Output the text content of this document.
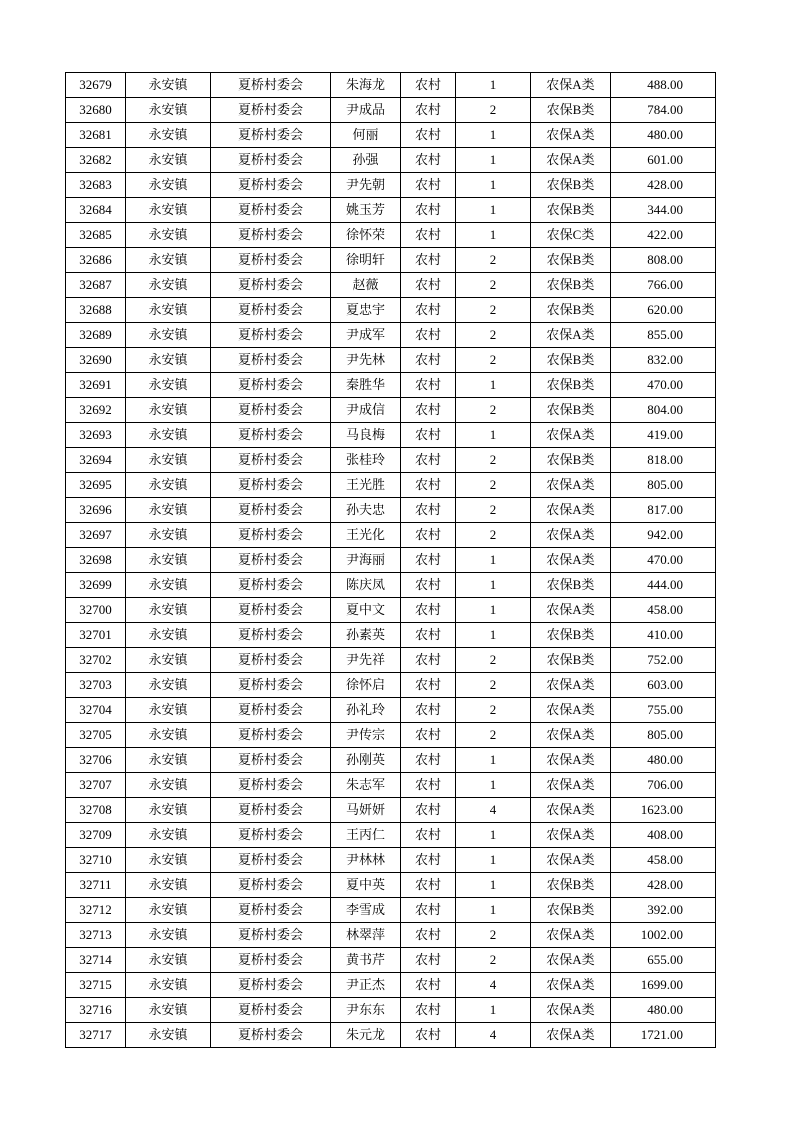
32679	永安镇	夏桥村委会	朱海龙	农村	1	农保A类	488.00
32680	永安镇	夏桥村委会	尹成品	农村	2	农保B类	784.00
32681	永安镇	夏桥村委会	何丽	农村	1	农保A类	480.00
32682	永安镇	夏桥村委会	孙强	农村	1	农保A类	601.00
32683	永安镇	夏桥村委会	尹先朝	农村	1	农保B类	428.00
32684	永安镇	夏桥村委会	姚玉芳	农村	1	农保B类	344.00
32685	永安镇	夏桥村委会	徐怀荣	农村	1	农保C类	422.00
32686	永安镇	夏桥村委会	徐明轩	农村	2	农保B类	808.00
32687	永安镇	夏桥村委会	赵薇	农村	2	农保B类	766.00
32688	永安镇	夏桥村委会	夏忠宇	农村	2	农保B类	620.00
32689	永安镇	夏桥村委会	尹成军	农村	2	农保A类	855.00
32690	永安镇	夏桥村委会	尹先林	农村	2	农保B类	832.00
32691	永安镇	夏桥村委会	秦胜华	农村	1	农保B类	470.00
32692	永安镇	夏桥村委会	尹成信	农村	2	农保B类	804.00
32693	永安镇	夏桥村委会	马良梅	农村	1	农保A类	419.00
32694	永安镇	夏桥村委会	张桂玲	农村	2	农保B类	818.00
32695	永安镇	夏桥村委会	王光胜	农村	2	农保A类	805.00
32696	永安镇	夏桥村委会	孙夫忠	农村	2	农保A类	817.00
32697	永安镇	夏桥村委会	王光化	农村	2	农保A类	942.00
32698	永安镇	夏桥村委会	尹海丽	农村	1	农保A类	470.00
32699	永安镇	夏桥村委会	陈庆凤	农村	1	农保B类	444.00
32700	永安镇	夏桥村委会	夏中文	农村	1	农保A类	458.00
32701	永安镇	夏桥村委会	孙素英	农村	1	农保B类	410.00
32702	永安镇	夏桥村委会	尹先祥	农村	2	农保B类	752.00
32703	永安镇	夏桥村委会	徐怀启	农村	2	农保A类	603.00
32704	永安镇	夏桥村委会	孙礼玲	农村	2	农保A类	755.00
32705	永安镇	夏桥村委会	尹传宗	农村	2	农保A类	805.00
32706	永安镇	夏桥村委会	孙刚英	农村	1	农保A类	480.00
32707	永安镇	夏桥村委会	朱志军	农村	1	农保A类	706.00
32708	永安镇	夏桥村委会	马妍妍	农村	4	农保A类	1623.00
32709	永安镇	夏桥村委会	王丙仁	农村	1	农保A类	408.00
32710	永安镇	夏桥村委会	尹林林	农村	1	农保A类	458.00
32711	永安镇	夏桥村委会	夏中英	农村	1	农保B类	428.00
32712	永安镇	夏桥村委会	李雪成	农村	1	农保B类	392.00
32713	永安镇	夏桥村委会	林翠萍	农村	2	农保A类	1002.00
32714	永安镇	夏桥村委会	黄书芹	农村	2	农保A类	655.00
32715	永安镇	夏桥村委会	尹正杰	农村	4	农保A类	1699.00
32716	永安镇	夏桥村委会	尹东东	农村	1	农保A类	480.00
32717	永安镇	夏桥村委会	朱元龙	农村	4	农保A类	1721.00
